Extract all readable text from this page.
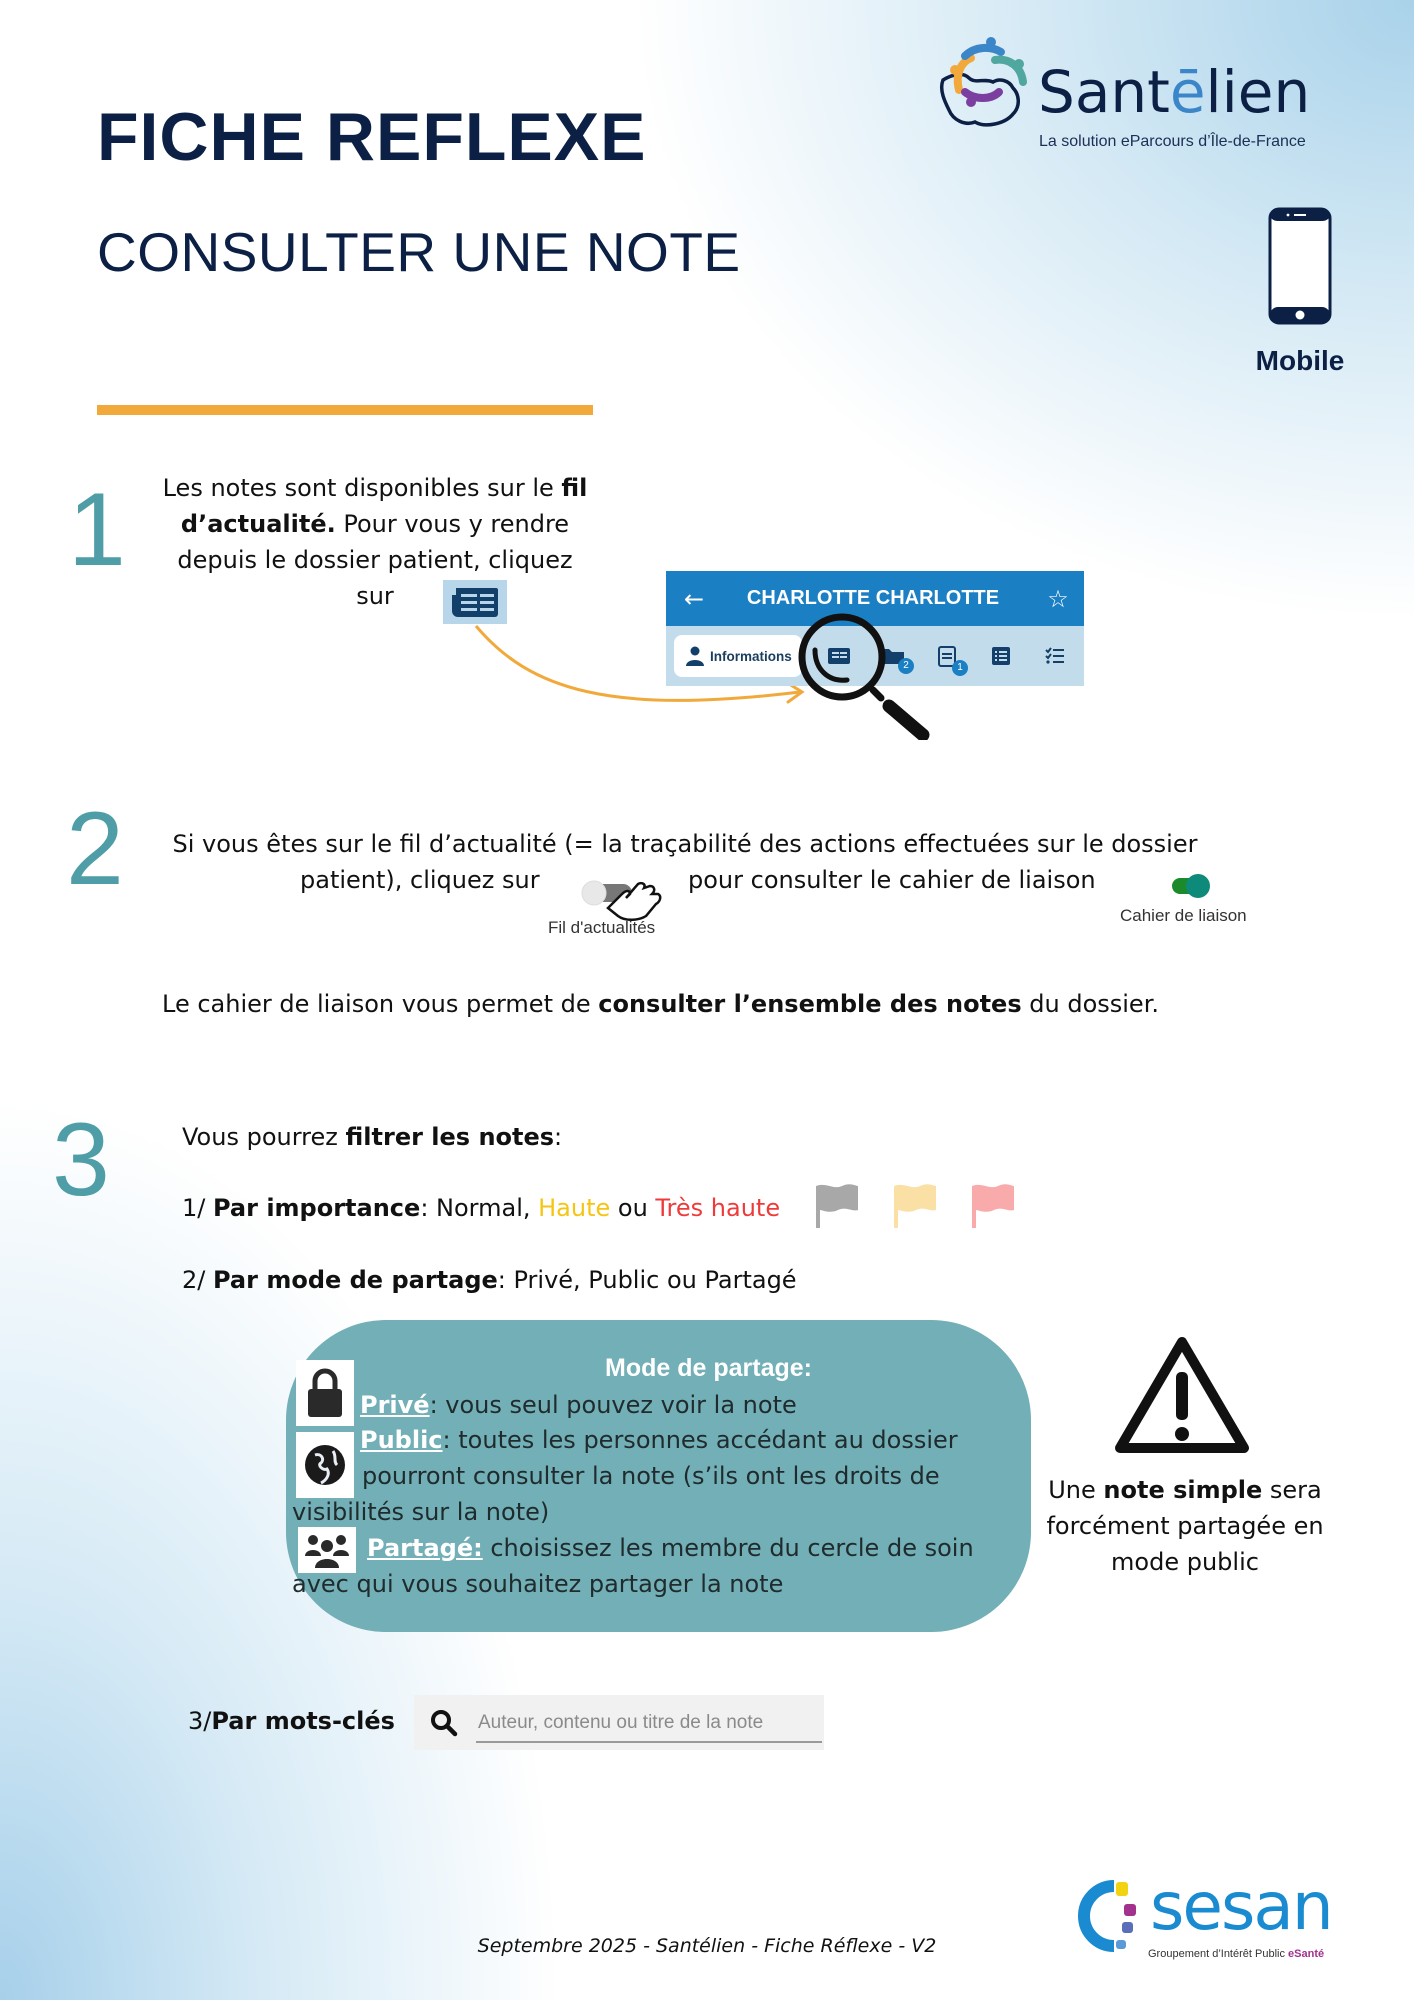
FICHE REFLEXE
CONSULTER UNE NOTE
Santēlien
La solution eParcours d’Île-de-France
Mobile
1 Les notes sont disponibles sur le fil d’actualité. Pour vous y rendre depuis le dossier patient, cliquez sur	←	CHARLOTTE CHARLOTTE	☆
Informations
2	1
2	Si vous êtes sur le fil d’actualité (= la traçabilité des actions effectuées sur le dossier
patient), cliquez sur	pour consulter le cahier de liaison
Fil d'actualités
Cahier de liaison
Le cahier de liaison vous permet de consulter l’ensemble des notes du dossier.
3	Vous pourrez filtrer les notes:
1/ Par importance: Normal, Haute ou Très haute
2/ Par mode de partage: Privé, Public ou Partagé
Mode de partage:
Privé: vous seul pouvez voir la note
Public: toutes les personnes accédant au dossier
pourront consulter la note (s’ils ont les droits de
visibilités sur la note)
Partagé: choisissez les membre du cercle de soin
avec qui vous souhaitez partager la note
Une note simple sera forcément partagée en mode public
3/Par mots-clés
Auteur, contenu ou titre de la note
Septembre 2025 - Santélien - Fiche Réflexe - V2
sesan
Groupement d’Intérêt Public eSanté
